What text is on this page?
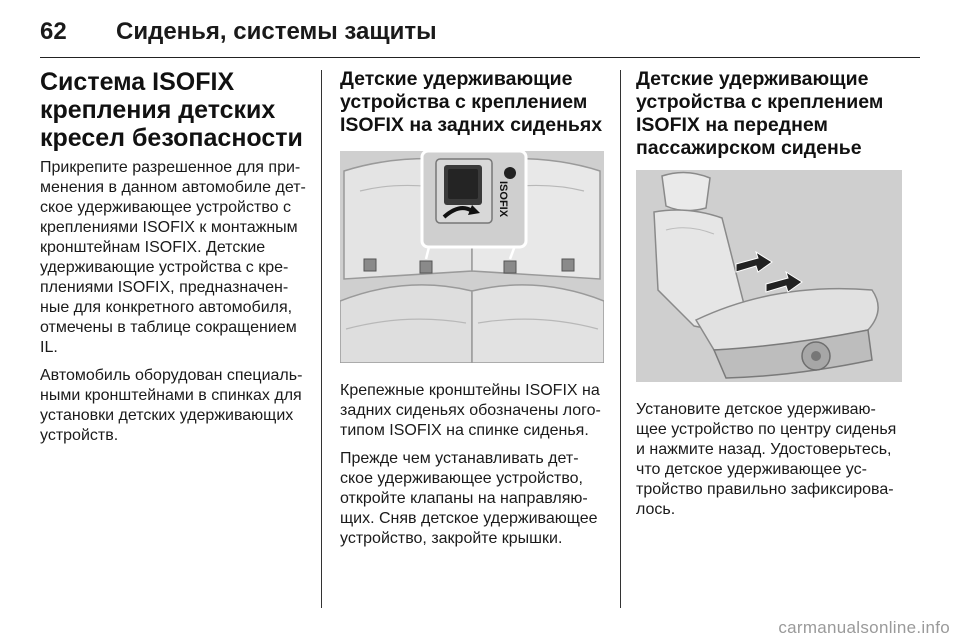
62	Сиденья, системы защиты
Система ISOFIX крепления детских кресел безопасности

Прикрепите разрешенное для при-менения в данном автомобиле дет-ское удерживающее устройство с креплениями ISOFIX к монтажным кронштейнам ISOFIX. Детские удерживающие устройства с кре-плениями ISOFIX, предназначен-ные для конкретного автомобиля, отмечены в таблице сокращением IL.

Автомобиль оборудован специаль-ными кронштейнами в спинках для установки детских удерживающих устройств.

Детские удерживающие устройства с креплением ISOFIX на задних сиденьях
ISOFIX

Крепежные кронштейны ISOFIX на задних сиденьях обозначены лого-типом ISOFIX на спинке сиденья.

Прежде чем устанавливать дет-ское удерживающее устройство, откройте клапаны на направляю-щих. Сняв детское удерживающее устройство, закройте крышки.

Детские удерживающие устройства с креплением ISOFIX на переднем пассажирском сиденье

Установите детское удерживаю-щее устройство по центру сиденья и нажмите назад. Удостоверьтесь, что детское удерживающее ус-тройство правильно зафиксирова-лось.

carmanualsonline.info
